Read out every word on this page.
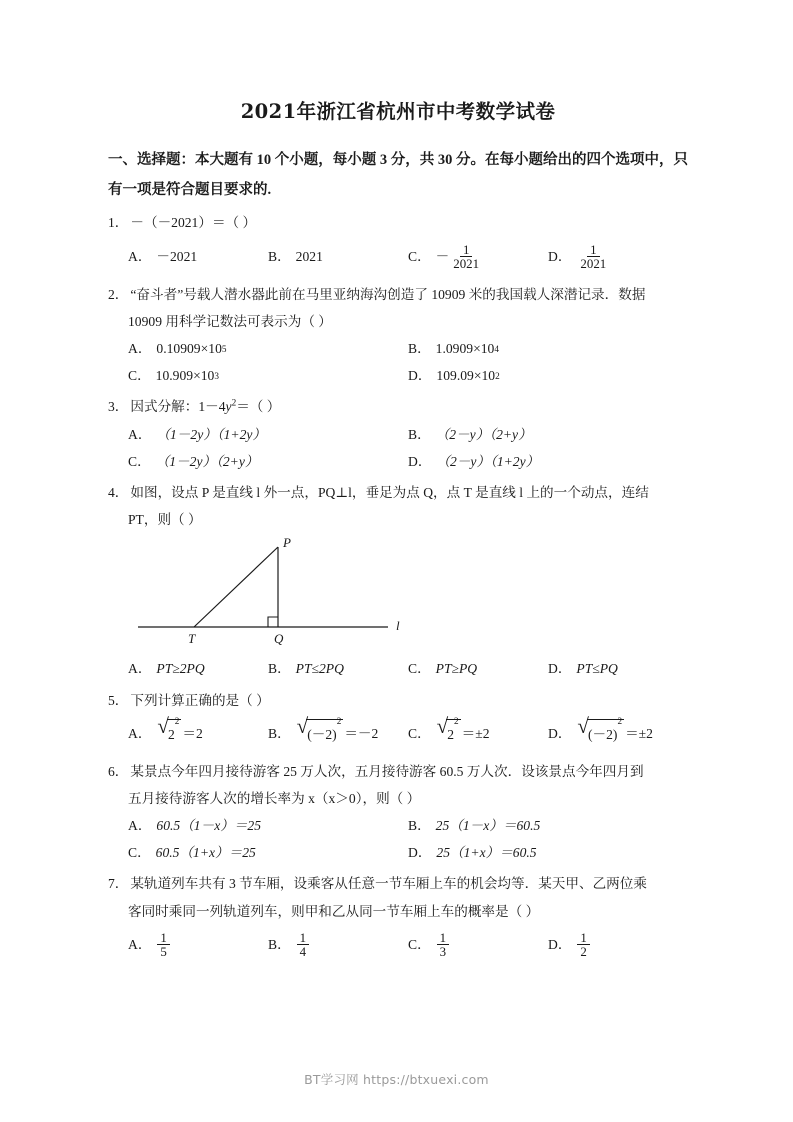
2021年浙江省杭州市中考数学试卷
一、选择题：本大题有 10 个小题，每小题 3 分，共 30 分。在每小题给出的四个选项中，只有一项是符合题目要求的.
1． －（－2021）＝（ ）
A． －2021	B． 2021	C． － $\frac{1}{2021}$	D． $\frac{1}{2021}$
2． “奋斗者”号载人潜水器此前在马里亚纳海沟创造了 10909 米的我国载人深潜记录．数据
10909 用科学记数法可表示为（ ）
A． 0.10909 × 10 5	B． 1.0909 × 10 4
C． 10.909 × 10 3	D． 109.09 × 10 2
3． 因式分解：$1-4y^2=$（ ）
A． （1－2y）（1+2y）	B． （2－y）（2+y）
C． （1－2y）（2+y）	D． （2－y）（1+2y）
4． 如图，设点 P 是直线 l 外一点，PQ⊥l，垂足为点 Q，点 T 是直线 l 上的一个动点，连结
PT，则（ ）
P
Q
T
l
A． PT≥2PQ	B． PT≤2PQ	C． PT≥PQ	D． PT≤PQ
5． 下列计算正确的是（ ）
A． √ 2
2
＝2	B． √ (－2)
2
＝－2 C． √ 2
2
＝±2	D． √ (－2)
2
＝±2
6． 某景点今年四月接待游客 25 万人次，五月接待游客 60.5 万人次．设该景点今年四月到
五月接待游客人次的增长率为 x（x＞0），则（ ）
A． 60.5（1－x）＝25	B． 25（1－x）＝60.5
C． 60.5（1+x）＝25	D． 25（1+x）＝60.5
7． 某轨道列车共有 3 节车厢，设乘客从任意一节车厢上车的机会均等．某天甲、乙两位乘
客同时乘同一列轨道列车，则甲和乙从同一节车厢上车的概率是（ ）
A． $\frac{1}{5}$	B． $\frac{1}{4}$	C． $\frac{1}{3}$	D． $\frac{1}{2}$
BT学习网 https://btxuexi.com
